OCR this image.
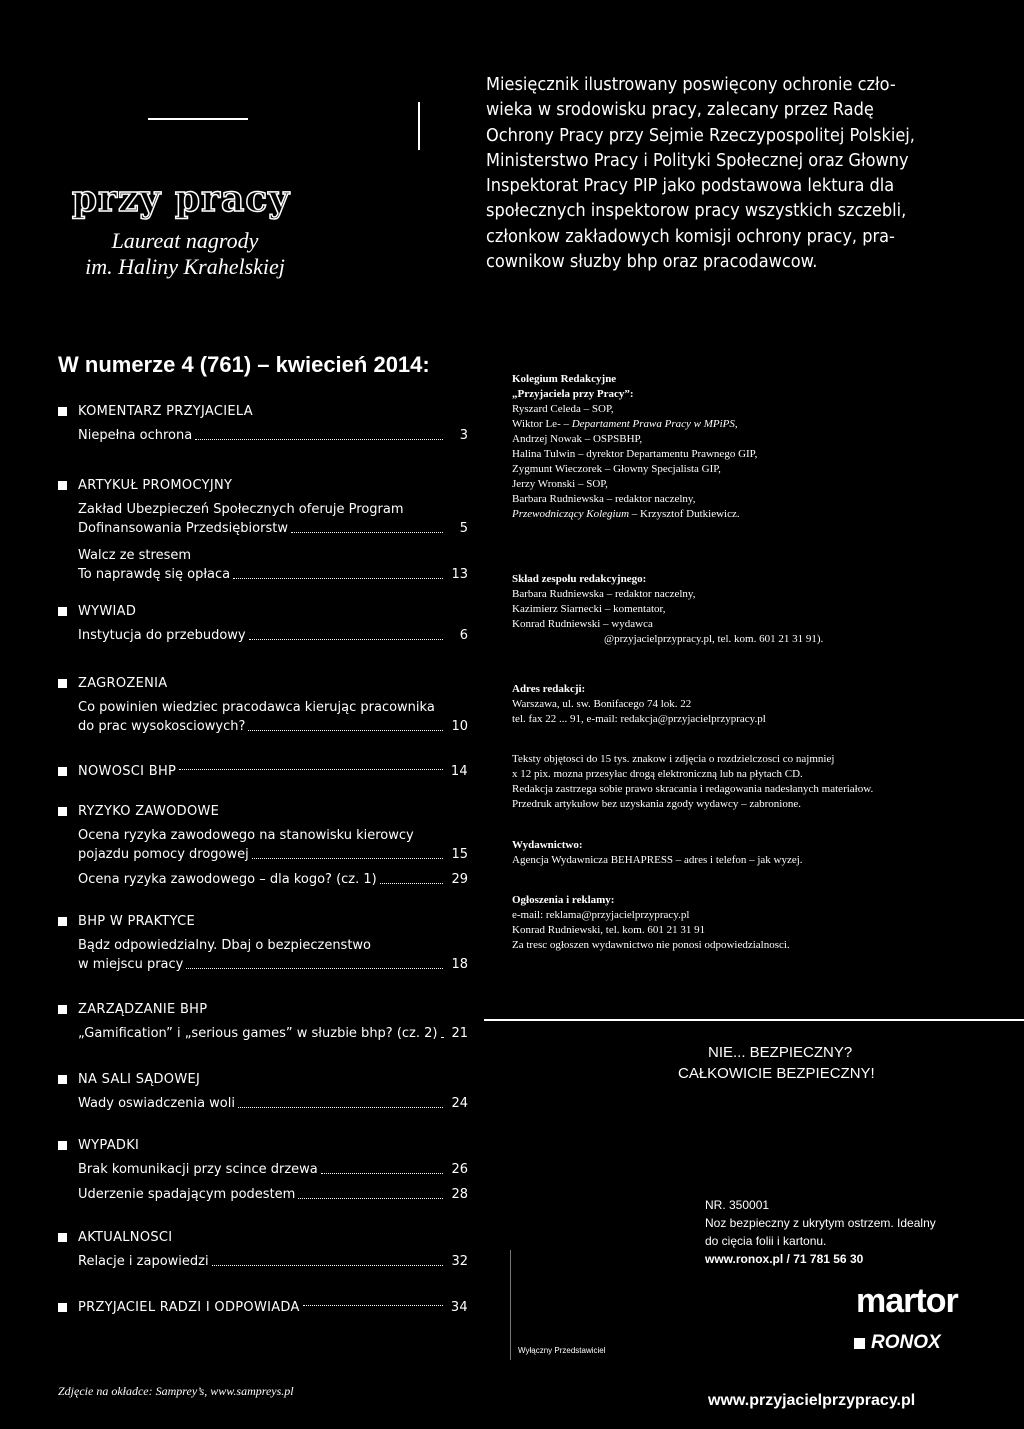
przy pracy
Laureat nagrody
im. Haliny Krahelskiej
Miesięcznik ilustrowany poswięcony ochronie czło-
wieka w srodowisku pracy, zalecany przez Radę
Ochrony Pracy przy Sejmie Rzeczypospolitej Polskiej,
Ministerstwo Pracy i Polityki Społecznej oraz Głowny
Inspektorat Pracy PIP jako podstawowa lektura dla
społecznych inspektorow pracy wszystkich szczebli,
członkow zakładowych komisji ochrony pracy, pra-
cownikow słuzby bhp oraz pracodawcow.
W numerze 4 (761) – kwiecień 2014:
KOMENTARZ PRZYJACIELA
Niepełna ochrona	3
ARTYKUŁ PROMOCYJNY
Zakład Ubezpieczeń Społecznych oferuje Program
Dofinansowania Przedsiębiorstw	5
Walcz ze stresem
To naprawdę się opłaca	13
WYWIAD
Instytucja do przebudowy	6
ZAGROZENIA
Co powinien wiedziec pracodawca kierując pracownika
do prac wysokosciowych?	10
NOWOSCI BHP	14
RYZYKO ZAWODOWE
Ocena ryzyka zawodowego na stanowisku kierowcy
pojazdu pomocy drogowej	15
Ocena ryzyka zawodowego – dla kogo? (cz. 1)	29
BHP W PRAKTYCE
Bądz odpowiedzialny. Dbaj o bezpieczenstwo
w miejscu pracy	18
ZARZĄDZANIE BHP
„Gamification” i „serious games” w słuzbie bhp? (cz. 2)	21
NA SALI SĄDOWEJ
Wady oswiadczenia woli	24
WYPADKI
Brak komunikacji przy scince drzewa	26
Uderzenie spadającym podestem	28
AKTUALNOSCI
Relacje i zapowiedzi	32
PRZYJACIEL RADZI I ODPOWIADA	34
Kolegium Redakcyjne
„Przyjaciela przy Pracy”:
Ryszard Celeda – SOP,
Wiktor Le- – Departament Prawa Pracy w MPiPS,
Andrzej Nowak – OSPSBHP,
Halina Tulwin – dyrektor Departamentu Prawnego GIP,
Zygmunt Wieczorek – Głowny Specjalista GIP,
Jerzy Wronski – SOP,
Barbara Rudniewska – redaktor naczelny,
Przewodniczący Kolegium – Krzysztof Dutkiewicz.
Skład zespołu redakcyjnego:
Barbara Rudniewska – redaktor naczelny,
Kazimierz Siarnecki – komentator,
Konrad Rudniewski – wydawca
@przyjacielprzypracy.pl, tel. kom. 601 21 31 91).
Adres redakcji:
Warszawa, ul. sw. Bonifacego 74 lok. 22
tel. fax 22 ... 91, e-mail: redakcja@przyjacielprzypracy.pl
Teksty objętosci do 15 tys. znakow i zdjęcia o rozdzielczosci co najmniej
x 12 pix. mozna przesyłac drogą elektroniczną lub na płytach CD.
Redakcja zastrzega sobie prawo skracania i redagowania nadesłanych materiałow.
Przedruk artykułow bez uzyskania zgody wydawcy – zabronione.
Wydawnictwo:
Agencja Wydawnicza BEHAPRESS – adres i telefon – jak wyzej.
Ogłoszenia i reklamy:
e-mail: reklama@przyjacielprzypracy.pl
Konrad Rudniewski, tel. kom. 601 21 31 91
Za tresc ogłoszen wydawnictwo nie ponosi odpowiedzialnosci.
NIE... BEZPIECZNY?
CAŁKOWICIE BEZPIECZNY!
NR. 350001
Noz bezpieczny z ukrytym ostrzem. Idealny
do cięcia folii i kartonu.
www.ronox.pl / 71 781 56 30
Wyłączny Przedstawiciel
martor
RONOX
Zdjęcie na okładce: Samprey’s, www.sampreys.pl
www.przyjacielprzypracy.pl
